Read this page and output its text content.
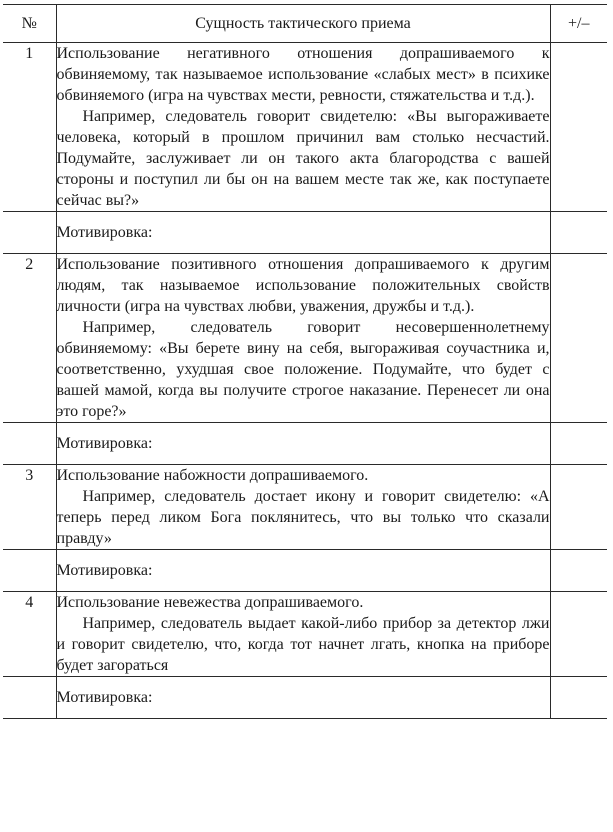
№	Сущность тактического приема	+/–
1	Использование негативного отношения допрашиваемого к обвиняемому, так называемое использование «слабых мест» в психике обвиняемого (игра на чувствах мести, ревности, стяжательства и т.д.).

Например, следователь говорит свидетелю: «Вы выгораживаете человека, который в прошлом причинил вам столько несчастий. Подумайте, заслуживает ли он такого акта благородства с вашей стороны и поступил ли бы он на вашем месте так же, как поступаете сейчас вы?»	

	Мотивировка:	
2	Использование позитивного отношения допрашиваемого к другим людям, так называемое использование положительных свойств личности (игра на чувствах любви, уважения, дружбы и т.д.).

Например, следователь говорит несовершеннолетнему обвиняемому: «Вы берете вину на себя, выгораживая соучастника и, соответственно, ухудшая свое положение. Подумайте, что будет с вашей мамой, когда вы получите строгое наказание. Перенесет ли она это горе?»	

	Мотивировка:	
3	Использование набожности допрашиваемого.

Например, следователь достает икону и говорит свидетелю: «А теперь перед ликом Бога поклянитесь, что вы только что сказали правду»	

	Мотивировка:	
4	Использование невежества допрашиваемого.

Например, следователь выдает какой-либо прибор за детектор лжи и говорит свидетелю, что, когда тот начнет лгать, кнопка на приборе будет загораться	

	Мотивировка:	
